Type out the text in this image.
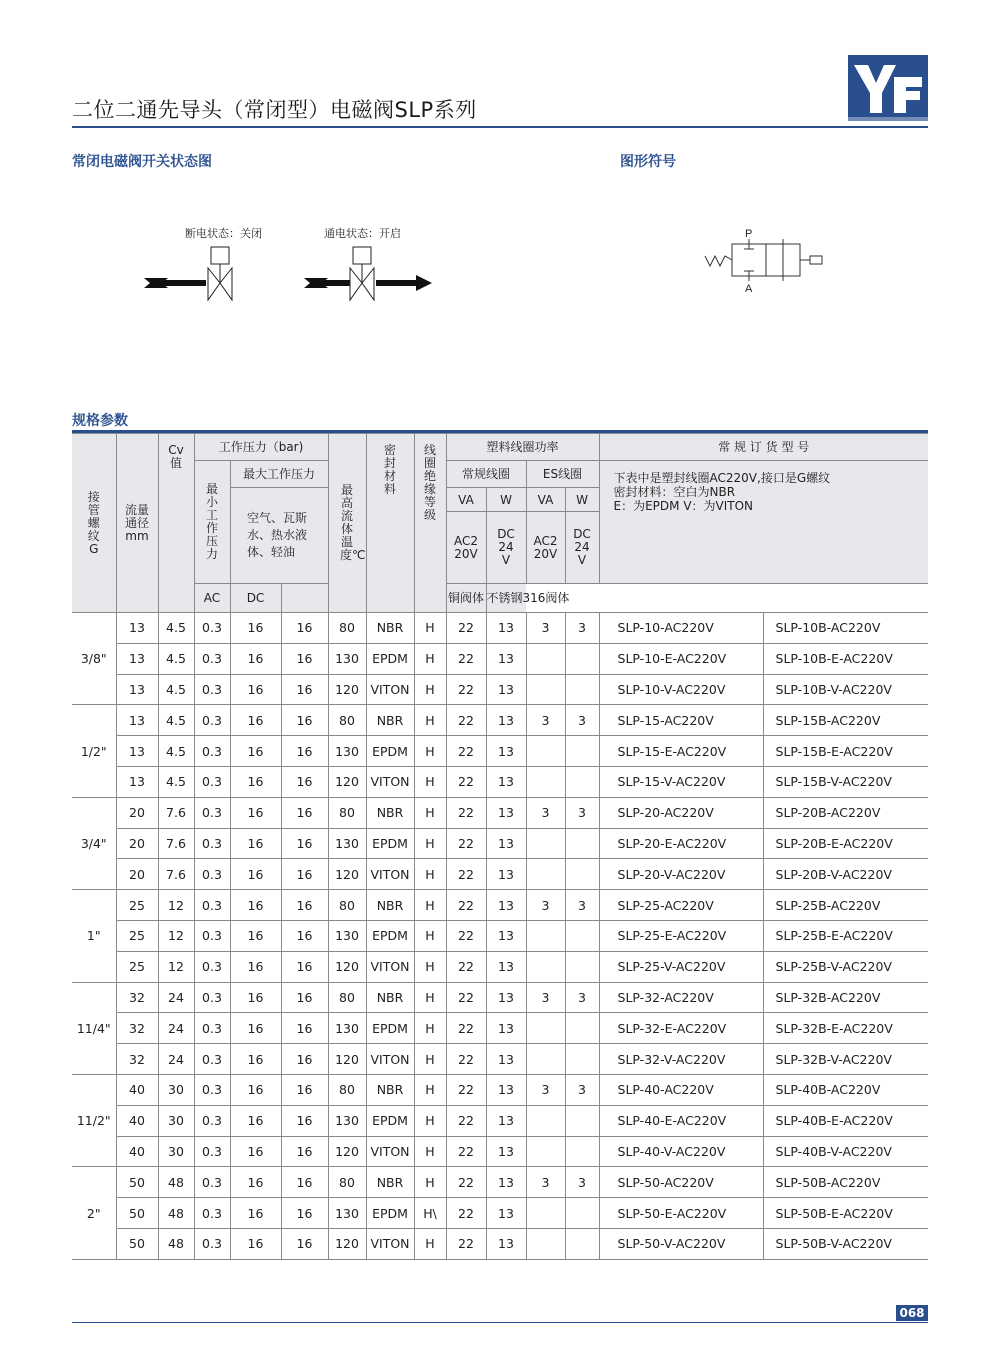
二位二通先导头（常闭型）电磁阀SLP系列
常闭电磁阀开关状态图	图形符号
断电状态：关闭	通电状态：开启	P
A
规格参数
接管螺纹G	流量通径mm	Cv值	工作压力（bar)			最高流体温度℃	密封材料	线圈绝缘等级	塑料线圈功率				常 规 订 货 型 号	
			最小工作压力	最大工作压力					常规线圈		ES线圈		下表中是塑封线圈AC220V,接口是G螺纹
密封材料：空白为NBR
E：为EPDM V：为VITON	

				空气、瓦斯水、热水液体、轻油					VA	W	VA	W		
									AC220V	DC24V	AC220V	DC24V		
			AC	DC					铜阀体	不锈钢316阀体				
3/8"	13	4.5	0.3	16	16	80	NBR	H	22	13	3	3	SLP-10-AC220V	SLP-10B-AC220V
	13	4.5	0.3	16	16	130	EPDM	H	22	13			SLP-10-E-AC220V	SLP-10B-E-AC220V
	13	4.5	0.3	16	16	120	VITON	H	22	13			SLP-10-V-AC220V	SLP-10B-V-AC220V
1/2"	13	4.5	0.3	16	16	80	NBR	H	22	13	3	3	SLP-15-AC220V	SLP-15B-AC220V
	13	4.5	0.3	16	16	130	EPDM	H	22	13			SLP-15-E-AC220V	SLP-15B-E-AC220V
	13	4.5	0.3	16	16	120	VITON	H	22	13			SLP-15-V-AC220V	SLP-15B-V-AC220V
3/4"	20	7.6	0.3	16	16	80	NBR	H	22	13	3	3	SLP-20-AC220V	SLP-20B-AC220V
	20	7.6	0.3	16	16	130	EPDM	H	22	13			SLP-20-E-AC220V	SLP-20B-E-AC220V
	20	7.6	0.3	16	16	120	VITON	H	22	13			SLP-20-V-AC220V	SLP-20B-V-AC220V
1"	25	12	0.3	16	16	80	NBR	H	22	13	3	3	SLP-25-AC220V	SLP-25B-AC220V
	25	12	0.3	16	16	130	EPDM	H	22	13			SLP-25-E-AC220V	SLP-25B-E-AC220V
	25	12	0.3	16	16	120	VITON	H	22	13			SLP-25-V-AC220V	SLP-25B-V-AC220V
11/4"	32	24	0.3	16	16	80	NBR	H	22	13	3	3	SLP-32-AC220V	SLP-32B-AC220V
	32	24	0.3	16	16	130	EPDM	H	22	13			SLP-32-E-AC220V	SLP-32B-E-AC220V
	32	24	0.3	16	16	120	VITON	H	22	13			SLP-32-V-AC220V	SLP-32B-V-AC220V
11/2"	40	30	0.3	16	16	80	NBR	H	22	13	3	3	SLP-40-AC220V	SLP-40B-AC220V
	40	30	0.3	16	16	130	EPDM	H	22	13			SLP-40-E-AC220V	SLP-40B-E-AC220V
	40	30	0.3	16	16	120	VITON	H	22	13			SLP-40-V-AC220V	SLP-40B-V-AC220V
2"	50	48	0.3	16	16	80	NBR	H	22	13	3	3	SLP-50-AC220V	SLP-50B-AC220V
	50	48	0.3	16	16	130	EPDM	H\	22	13			SLP-50-E-AC220V	SLP-50B-E-AC220V
	50	48	0.3	16	16	120	VITON	H	22	13			SLP-50-V-AC220V	SLP-50B-V-AC220V
068
